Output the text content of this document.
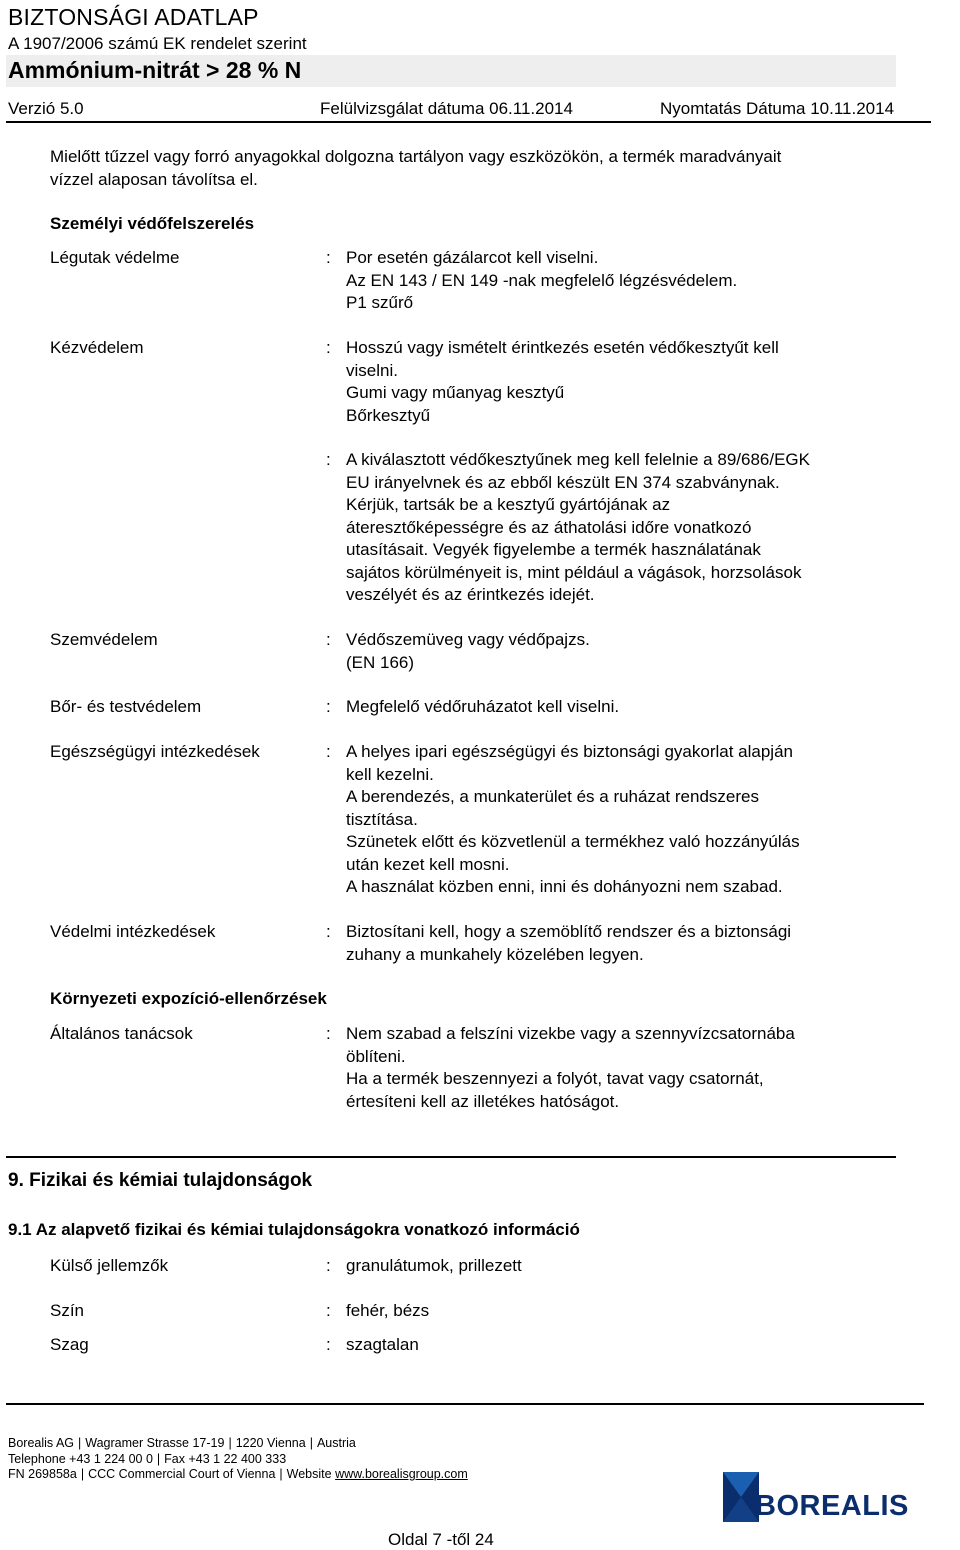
BIZTONSÁGI ADATLAP
A 1907/2006 számú EK rendelet szerint
Ammónium-nitrát > 28 % N
Verzió 5.0	Felülvizsgálat dátuma 06.11.2014	Nyomtatás Dátuma 10.11.2014
Mielőtt tűzzel vagy forró anyagokkal dolgozna tartályon vagy eszközökön, a termék maradványait
vízzel alaposan távolítsa el.
Személyi védőfelszerelés
Légutak védelme	: Por esetén gázálarcot kell viselni.
Az EN 143 / EN 149 -nak megfelelő légzésvédelem.
P1 szűrő
Kézvédelem	: Hosszú vagy ismételt érintkezés esetén védőkesztyűt kell
viselni.
Gumi vagy műanyag kesztyű
Bőrkesztyű
: A kiválasztott védőkesztyűnek meg kell felelnie a 89/686/EGK
EU irányelvnek és az ebből készült EN 374 szabványnak.
Kérjük, tartsák be a kesztyű gyártójának az
áteresztőképességre és az áthatolási időre vonatkozó
utasításait. Vegyék figyelembe a termék használatának
sajátos körülményeit is, mint például a vágások, horzsolások
veszélyét és az érintkezés idejét.
Szemvédelem	: Védőszemüveg vagy védőpajzs.
(EN 166)
Bőr- és testvédelem	: Megfelelő védőruházatot kell viselni.
Egészségügyi intézkedések	: A helyes ipari egészségügyi és biztonsági gyakorlat alapján
kell kezelni.
A berendezés, a munkaterület és a ruházat rendszeres
tisztítása.
Szünetek előtt és közvetlenül a termékhez való hozzányúlás
után kezet kell mosni.
A használat közben enni, inni és dohányozni nem szabad.
Védelmi intézkedések	: Biztosítani kell, hogy a szemöblítő rendszer és a biztonsági
zuhany a munkahely közelében legyen.
Környezeti expozíció-ellenőrzések
Általános tanácsok	: Nem szabad a felszíni vizekbe vagy a szennyvízcsatornába
öblíteni.
Ha a termék beszennyezi a folyót, tavat vagy csatornát,
értesíteni kell az illetékes hatóságot.
9. Fizikai és kémiai tulajdonságok
9.1 Az alapvető fizikai és kémiai tulajdonságokra vonatkozó információ
Külső jellemzők	: granulátumok, prillezett
Szín	: fehér, bézs
Szag	: szagtalan
Borealis AG | Wagramer Strasse 17-19 | 1220 Vienna | Austria
Telephone +43 1 224 00 0 | Fax +43 1 22 400 333
FN 269858a | CCC Commercial Court of Vienna | Website www.borealisgroup.com
BOREALIS
Oldal 7 -től 24
